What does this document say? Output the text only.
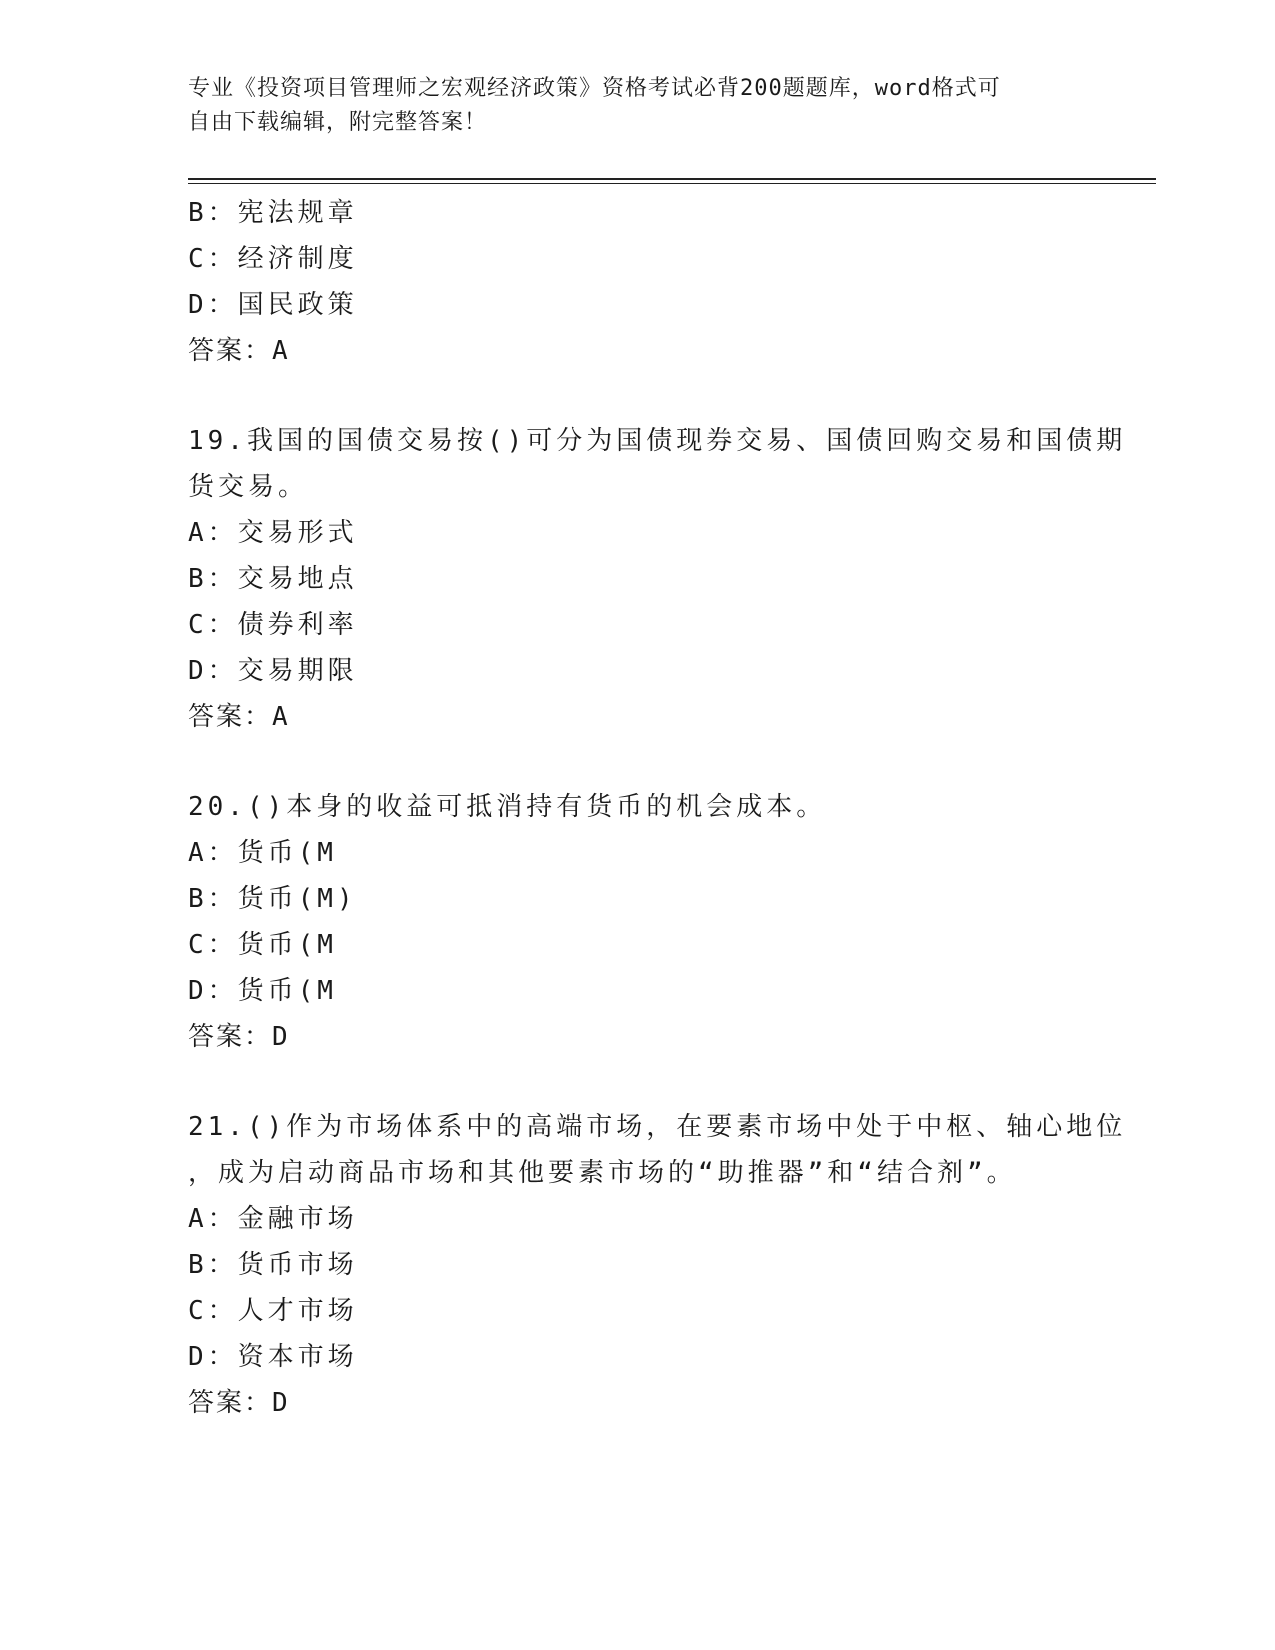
专业《投资项目管理师之宏观经济政策》资格考试必背200题题库，word格式可
自由下载编辑，附完整答案！
B：宪法规章
C：经济制度
D：国民政策
答案：A
19.我国的国债交易按()可分为国债现券交易、国债回购交易和国债期
货交易。
A：交易形式
B：交易地点
C：债券利率
D：交易期限
答案：A
20.()本身的收益可抵消持有货币的机会成本。
A：货币(M
B：货币(M)
C：货币(M
D：货币(M
答案：D
21.()作为市场体系中的高端市场，在要素市场中处于中枢、轴心地位
，成为启动商品市场和其他要素市场的“助推器”和“结合剂”。
A：金融市场
B：货币市场
C：人才市场
D：资本市场
答案：D
